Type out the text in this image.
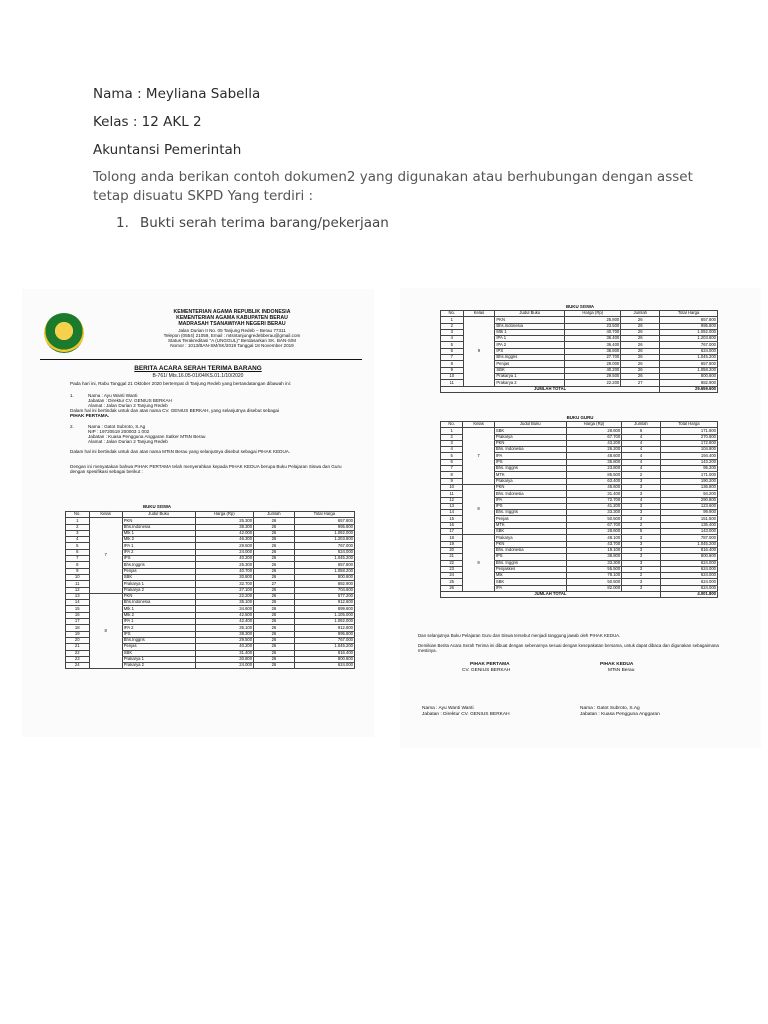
Nama : Meyliana Sabella
Kelas : 12 AKL 2
Akuntansi Pemerintah
Tolong anda berikan contoh dokumen2 yang digunakan atau berhubungan dengan asset tetap disuatu SKPD Yang terdiri :
1. Bukti serah terima barang/pekerjaan
KEMENTERIAN AGAMA REPUBLIK INDONESIA
KEMENTERIAN AGAMA KABUPATEN BERAU
MADRASAH TSANAWIYAH NEGERI BERAU
Jalan Durian II No. 05 Tanjung Redeb – Berau 77311
Telepon (0554) 21059, Email : mtsntanjungredebberau@gmail.com
Status Terakreditasi "A (UNGGUL)" Berdasarkan SK. BAN-S/M
Nomor : 1013/BAN-SM/SK/2019 Tanggal 18 November 2019
BERITA ACARA SERAH TERIMA BARANG
B-761/ Mts.16.05-01/04/KS.01.1/10/2020
Pada hari ini, Rabu Tanggal 21 Oktober 2020 bertempat di Tanjung Redeb yang bertandatangan dibawah ini:
1.	Nama : Ayu Wanti Wanti
Jabatan : Direktur CV. GENIUS BERKAH
Alamat : Jalan Durian 2 Tanjung Redeb
Dalam hal ini bertindak untuk dan atas nama CV. GENIUS BERKAH, yang selanjutnya disebut sebagai
PIHAK PERTAMA.
2.	Nama : Gatot Subroto, S.Ag
NIP : 19720519 200003 1 002
Jabatan : Kuasa Pengguna Anggaran Satker MTsN Berau
Alamat : Jalan Durian 2 Tanjung Redeb
Dalam hal ini bertindak untuk dan atas nama MTsN Berau yang selanjutnya disebut sebagai PIHAK KEDUA.
Dengan ini menyatakan bahwa PIHAK PERTAMA telah menyerahkan kepada PIHAK KEDUA berupa Buku Pelajaran Siswa dan Guru dengan spesifikasi sebagai berikut :
BUKU SISWA
No.	Kelas	Judul Buku	Harga (Rp)	Jumlah	Total Harga
1	7	PKN	25.300	26	657.800
2		Bhs.Indonesia	38.300	26	995.800
3		Mtk 1	42.000	26	1.092.000
4		Mtk 2	46.300	26	1.203.800
5		IPA 1	29.500	26	767.000
6		IPA 2	24.000	26	624.000
7		IPS	40.200	26	1.045.200
8		Bhs.Inggris	25.300	26	657.800
9		Penjas	40.700	26	1.058.200
10		SBK	30.800	26	800.800
11		Prakarya 1	32.700	27	882.900
12		Prakarya 2	27.100	26	704.600
13	8	PKN	22.200	26	577.200
14		Bhs.Indonesia	35.100	26	912.600
15		Mtk 1	34.600	26	899.600
16		Mtk 2	42.500	26	1.105.000
17		IPA 1	42.400	26	1.092.000
18		IPA 2	35.100	26	912.600
19		IPS	38.300	26	995.800
20		Bhs.Inggris	29.500	26	767.000
21		Penjas	40.200	26	1.045.200
22		SBK	31.400	26	816.400
23		Prakarya 1	30.800	26	800.800
24		Prakarya 2	24.000	26	624.000
BUKU SISWA
No.	Kelas	Judul Buku	Harga (Rp)	Jumlah	Total Harga
1	9	PKN	25.800	26	657.800
2		Bhs.Indonesia	23.500	26	995.800
3		Mtk 1	40.700	26	1.092.000
4		IPA 1	36.400	26	1.203.800
5		IPA 2	36.400	26	767.000
6		IPS	38.800	26	624.000
7		Bhs.Inggris	27.700	26	1.045.200
8		Penjas	29.000	26	657.800
9		SBK	40.200	26	1.058.200
10		Prakarya 1	29.500	26	800.800
11		Prakarya 2	22.200	27	882.900
JUMLAH TOTAL					29.659.600
BUKU GURU
No.	Kelas	Judul Buku	Harga (Rp)	Jumlah	Total Harga
1	7	SBK	28.600	6	171.600
2		Prakarya	67.700	4	270.800
3		PKN	43.200	4	172.800
4		Bhs. Indonesia	26.200	4	104.800
5		IPA	48.600	4	194.400
6		IPS	35.800	4	143.200
7		Bhs. Inggris	23.800	4	95.200
8		MTK	85.500	2	171.000
9		Prakarya	63.400	3	190.200
10	8	PKN	45.600	3	136.800
11		Bhs. Indonesia	31.400	3	94.200
12		IPA	72.700	4	290.800
13		IPS	41.200	3	123.600
14		Bhs. Inggris	33.300	3	99.900
15		Penjas	50.500	3	151.500
16		MTK	67.700	2	135.400
17		SBK	28.600	5	143.000
18	9	Prakarya	48.100	3	787.000
19		PKN	43.700	3	1.045.200
20		Bhs. Indonesia	19.100	3	816.400
21		IPS	38.800	3	800.800
22		Bhs. Inggris	33.300	3	624.000
23		Penjaskes	55.500	3	624.000
24		Mtk	78.100	2	624.000
25		SBK	50.500	3	624.000
26		IPA	82.000	3	624.000
JUMLAH TOTAL					4.001.800
Dan selanjutnya Buku Pelajaran Guru dan Siswa tersebut menjadi tanggung jawab oleh PIHAK KEDUA.
Demikian Berita Acara Serah Terima ini dibuat dengan sebenarnya sesuai dengan kesepakatan bersama, untuk dapat dibaca dan digunakan sebagaimana mestinya.
PIHAK PERTAMA
CV. GENIUS BERKAH
PIHAK KEDUA
MTsN Berau
Nama : Ayu Wanti Wanti
Jabatan : Direktur CV. GENIUS BERKAH
Nama : Gatot Subroto, S.Ag
Jabatan : Kuasa Pengguna Anggaran
